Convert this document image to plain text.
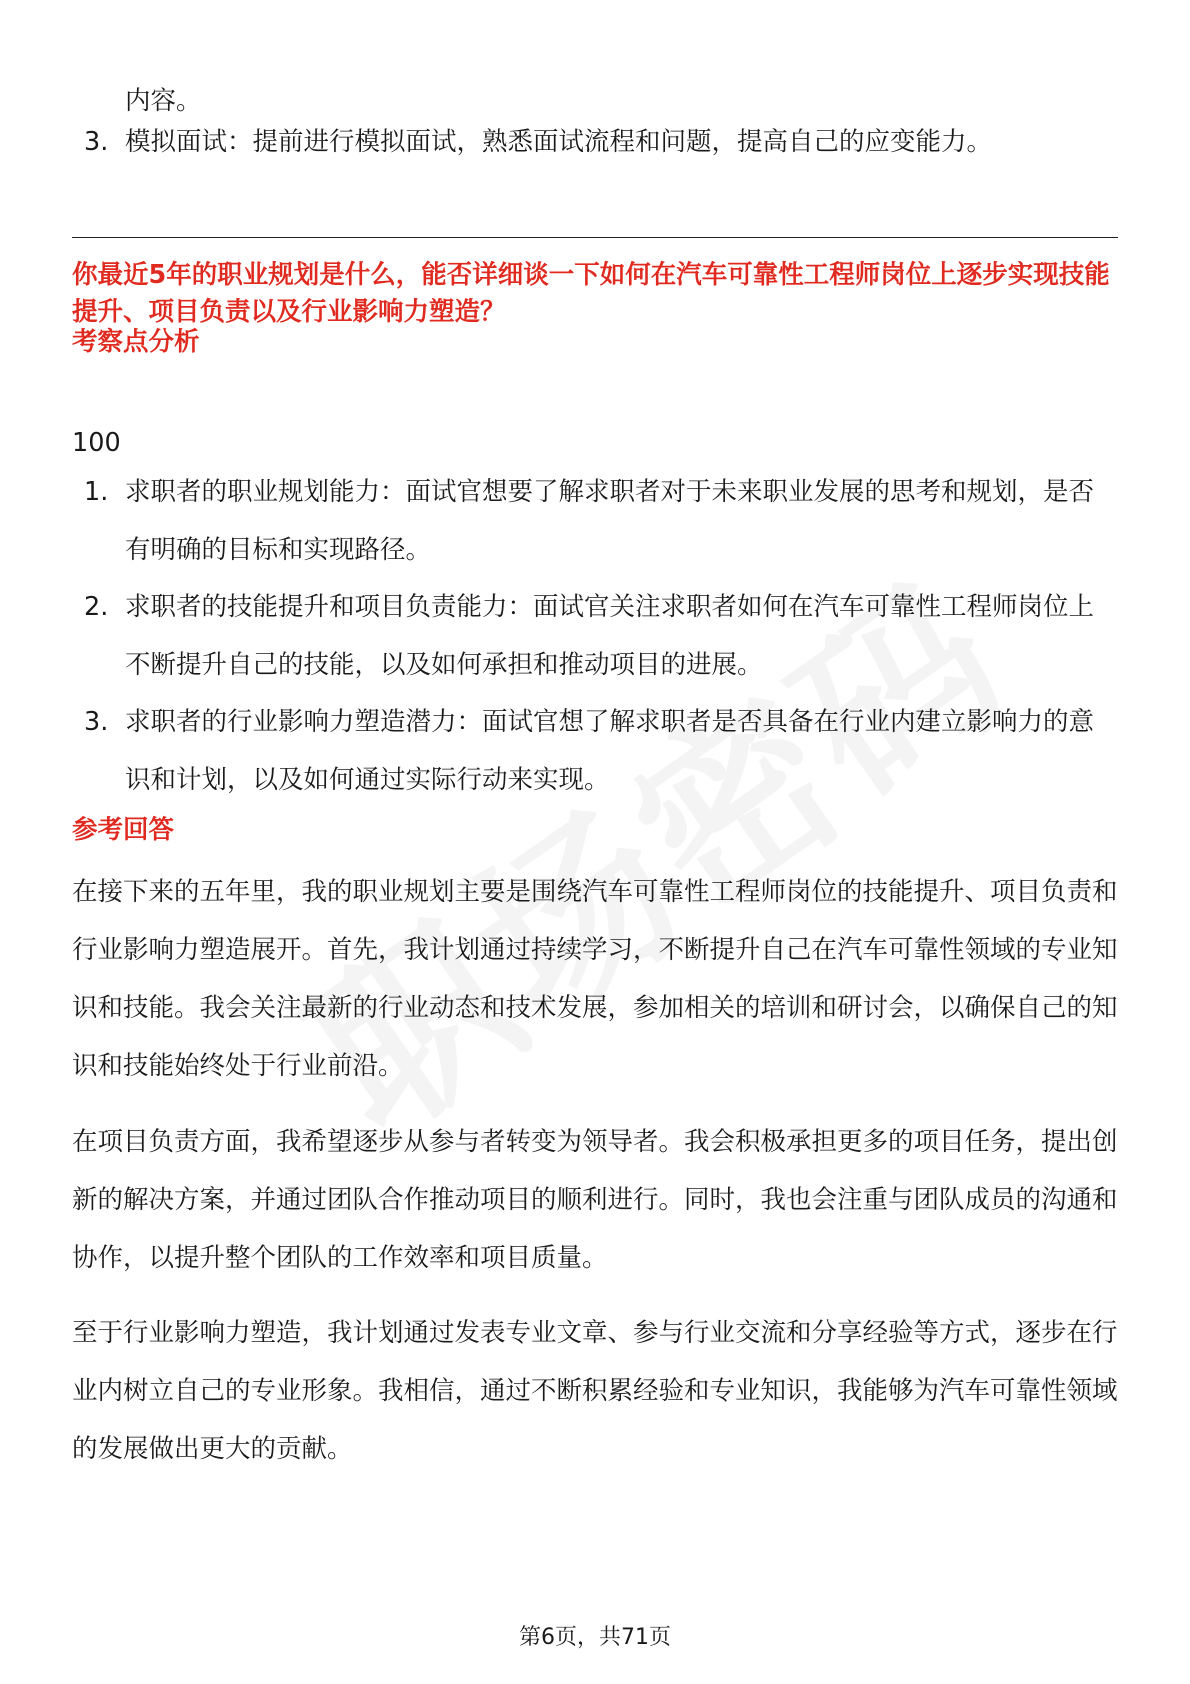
内容。

3. 模拟面试：提前进行模拟面试，熟悉面试流程和问题，提高自己的应变能力。

你最近5年的职业规划是什么，能否详细谈一下如何在汽车可靠性工程师岗位上逐步实现技能提升、项目负责以及行业影响力塑造？

考察点分析

100

1. 求职者的职业规划能力：面试官想要了解求职者对于未来职业发展的思考和规划，是否有明确的目标和实现路径。
2. 求职者的技能提升和项目负责能力：面试官关注求职者如何在汽车可靠性工程师岗位上不断提升自己的技能，以及如何承担和推动项目的进展。
3. 求职者的行业影响力塑造潜力：面试官想了解求职者是否具备在行业内建立影响力的意识和计划，以及如何通过实际行动来实现。

参考回答

在接下来的五年里，我的职业规划主要是围绕汽车可靠性工程师岗位的技能提升、项目负责和行业影响力塑造展开。首先，我计划通过持续学习，不断提升自己在汽车可靠性领域的专业知识和技能。我会关注最新的行业动态和技术发展，参加相关的培训和研讨会，以确保自己的知识和技能始终处于行业前沿。

在项目负责方面，我希望逐步从参与者转变为领导者。我会积极承担更多的项目任务，提出创新的解决方案，并通过团队合作推动项目的顺利进行。同时，我也会注重与团队成员的沟通和协作，以提升整个团队的工作效率和项目质量。

至于行业影响力塑造，我计划通过发表专业文章、参与行业交流和分享经验等方式，逐步在行业内树立自己的专业形象。我相信，通过不断积累经验和专业知识，我能够为汽车可靠性领域的发展做出更大的贡献。

第6页，共71页
